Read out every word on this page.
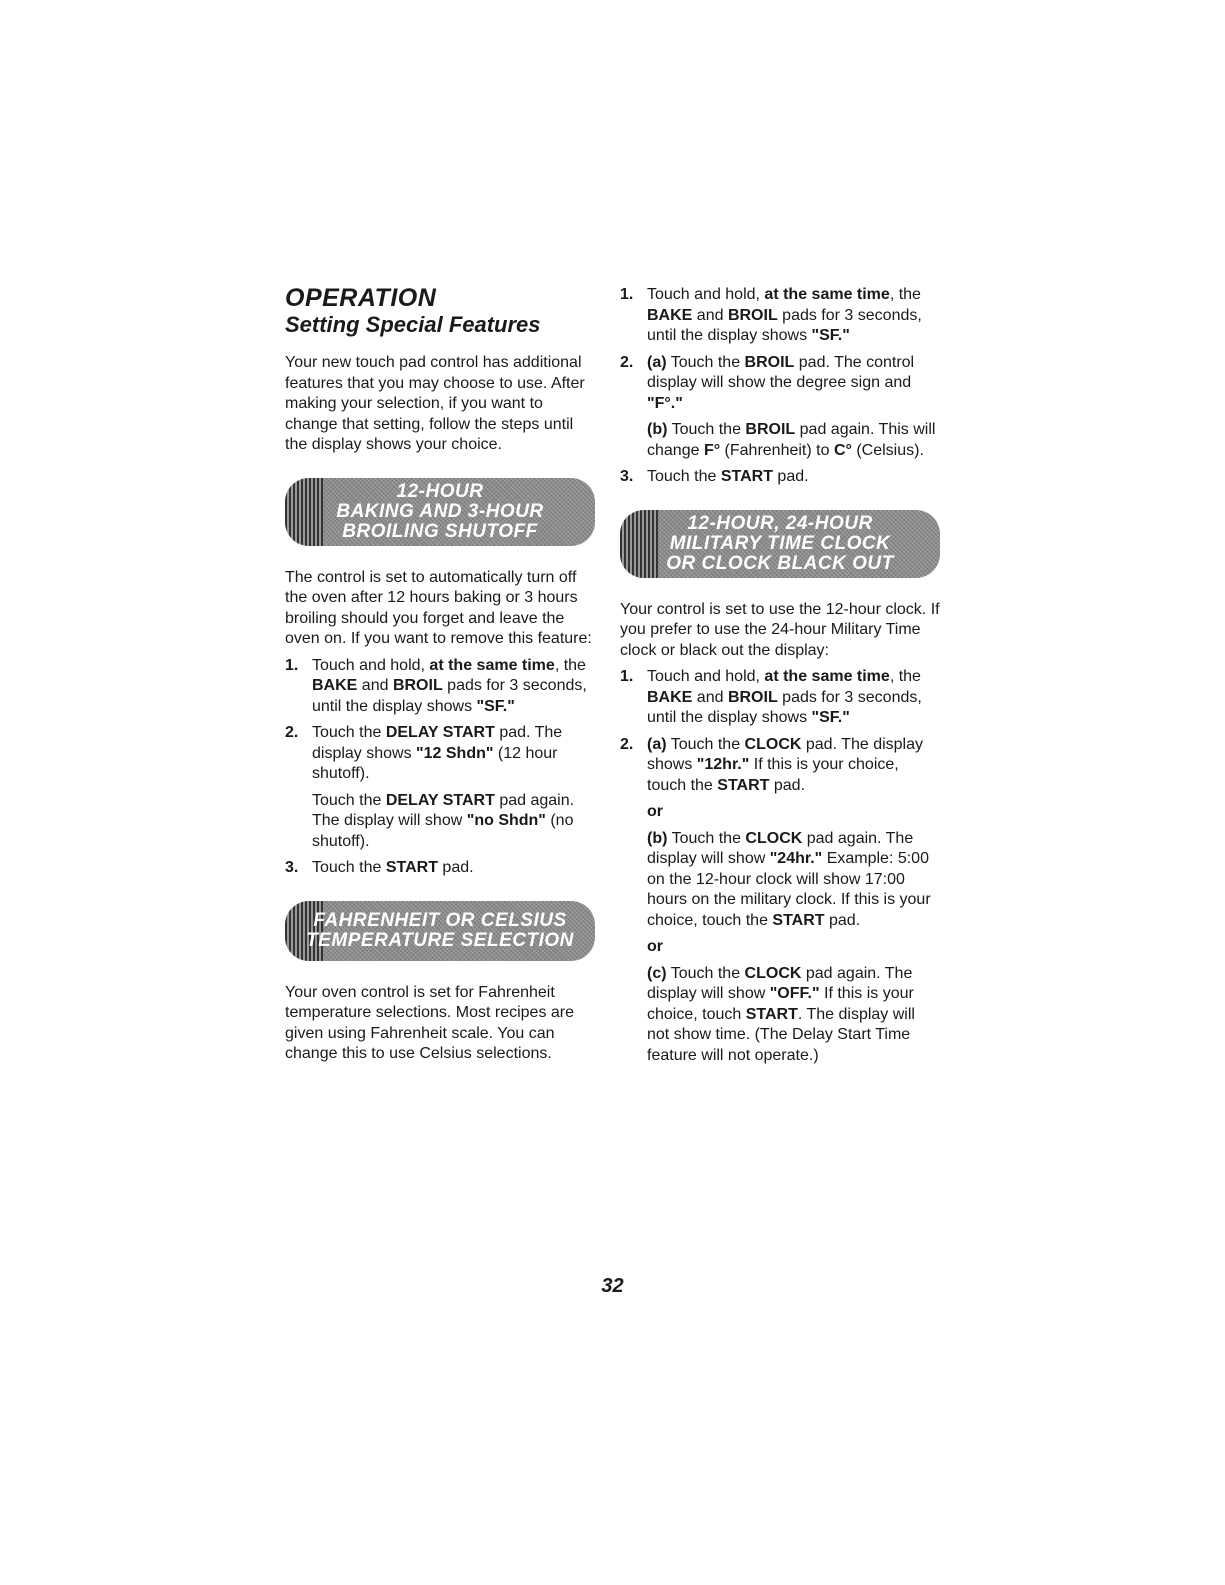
OPERATION
Setting Special Features

Your new touch pad control has additional features that you may choose to use. After making your selection, if you want to change that setting, follow the steps until the display shows your choice.

12-HOUR
BAKING AND 3-HOUR
BROILING SHUTOFF

The control is set to automatically turn off the oven after 12 hours baking or 3 hours broiling should you forget and leave the oven on. If you want to remove this feature:

1. Touch and hold, at the same time, the BAKE and BROIL pads for 3 seconds, until the display shows "SF."

2. Touch the DELAY START pad. The display shows "12 Shdn" (12 hour shutoff).

Touch the DELAY START pad again. The display will show "no Shdn" (no shutoff).

3. Touch the START pad.

FAHRENHEIT OR CELSIUS
TEMPERATURE SELECTION

Your oven control is set for Fahrenheit temperature selections. Most recipes are given using Fahrenheit scale. You can change this to use Celsius selections.

1. Touch and hold, at the same time, the BAKE and BROIL pads for 3 seconds, until the display shows "SF."

2. (a) Touch the BROIL pad. The control display will show the degree sign and "F°."

(b) Touch the BROIL pad again. This will change F° (Fahrenheit) to C° (Celsius).

3. Touch the START pad.

12-HOUR, 24-HOUR
MILITARY TIME CLOCK
OR CLOCK BLACK OUT

Your control is set to use the 12-hour clock. If you prefer to use the 24-hour Military Time clock or black out the display:

1. Touch and hold, at the same time, the BAKE and BROIL pads for 3 seconds, until the display shows "SF."

2. (a) Touch the CLOCK pad. The display shows "12hr." If this is your choice, touch the START pad.

or

(b) Touch the CLOCK pad again. The display will show "24hr." Example: 5:00 on the 12-hour clock will show 17:00 hours on the military clock. If this is your choice, touch the START pad.

or

(c) Touch the CLOCK pad again. The display will show "OFF." If this is your choice, touch START. The display will not show time. (The Delay Start Time feature will not operate.)

32
